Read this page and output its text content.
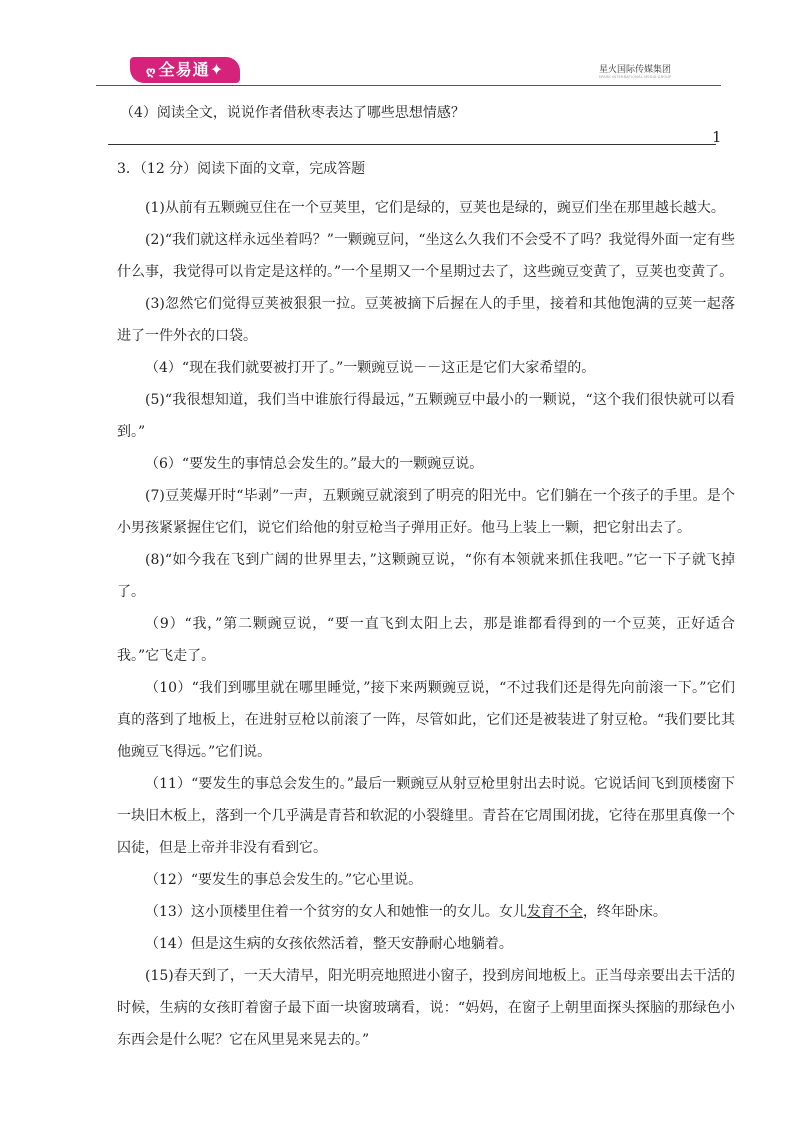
ღ 全易通✦	星火国际传媒集团
SPARK INTERNATIONAL MEDIA GROUP
（4）阅读全文，说说作者借秋枣表达了哪些思想情感？
1

3．（12 分）阅读下面的文章，完成答题

(1)从前有五颗豌豆住在一个豆荚里，它们是绿的，豆荚也是绿的，豌豆们坐在那里越长越大。

(2)“我们就这样永远坐着吗？”一颗豌豆问，“坐这么久我们不会受不了吗？我觉得外面一定有些什么事，我觉得可以肯定是这样的。”一个星期又一个星期过去了，这些豌豆变黄了，豆荚也变黄了。

(3)忽然它们觉得豆荚被狠狠一拉。豆荚被摘下后握在人的手里，接着和其他饱满的豆荚一起落进了一件外衣的口袋。

（4）“现在我们就要被打开了。”一颗豌豆说－－这正是它们大家希望的。

(5)“我很想知道，我们当中谁旅行得最远，”五颗豌豆中最小的一颗说，“这个我们很快就可以看到。”

（6）“要发生的事情总会发生的。”最大的一颗豌豆说。

(7)豆荚爆开时“毕剥”一声，五颗豌豆就滚到了明亮的阳光中。它们躺在一个孩子的手里。是个小男孩紧紧握住它们，说它们给他的射豆枪当子弹用正好。他马上装上一颗，把它射出去了。

(8)“如今我在飞到广阔的世界里去，”这颗豌豆说，“你有本领就来抓住我吧。”它一下子就飞掉了。

（9）“我，”第二颗豌豆说，“要一直飞到太阳上去，那是谁都看得到的一个豆荚，正好适合我。”它飞走了。

（10）“我们到哪里就在哪里睡觉，”接下来两颗豌豆说，“不过我们还是得先向前滚一下。”它们真的落到了地板上，在进射豆枪以前滚了一阵，尽管如此，它们还是被装进了射豆枪。“我们要比其他豌豆飞得远。”它们说。

（11）“要发生的事总会发生的。”最后一颗豌豆从射豆枪里射出去时说。它说话间飞到顶楼窗下一块旧木板上，落到一个几乎满是青苔和软泥的小裂缝里。青苔在它周围闭拢，它待在那里真像一个囚徒，但是上帝并非没有看到它。

（12）“要发生的事总会发生的。”它心里说。

（13）这小顶楼里住着一个贫穷的女人和她惟一的女儿。女儿发育不全，终年卧床。

（14）但是这生病的女孩依然活着，整天安静耐心地躺着。

(15)春天到了，一天大清早，阳光明亮地照进小窗子，投到房间地板上。正当母亲要出去干活的时候，生病的女孩盯着窗子最下面一块窗玻璃看，说：“妈妈，在窗子上朝里面探头探脑的那绿色小东西会是什么呢？它在风里晃来晃去的。”
